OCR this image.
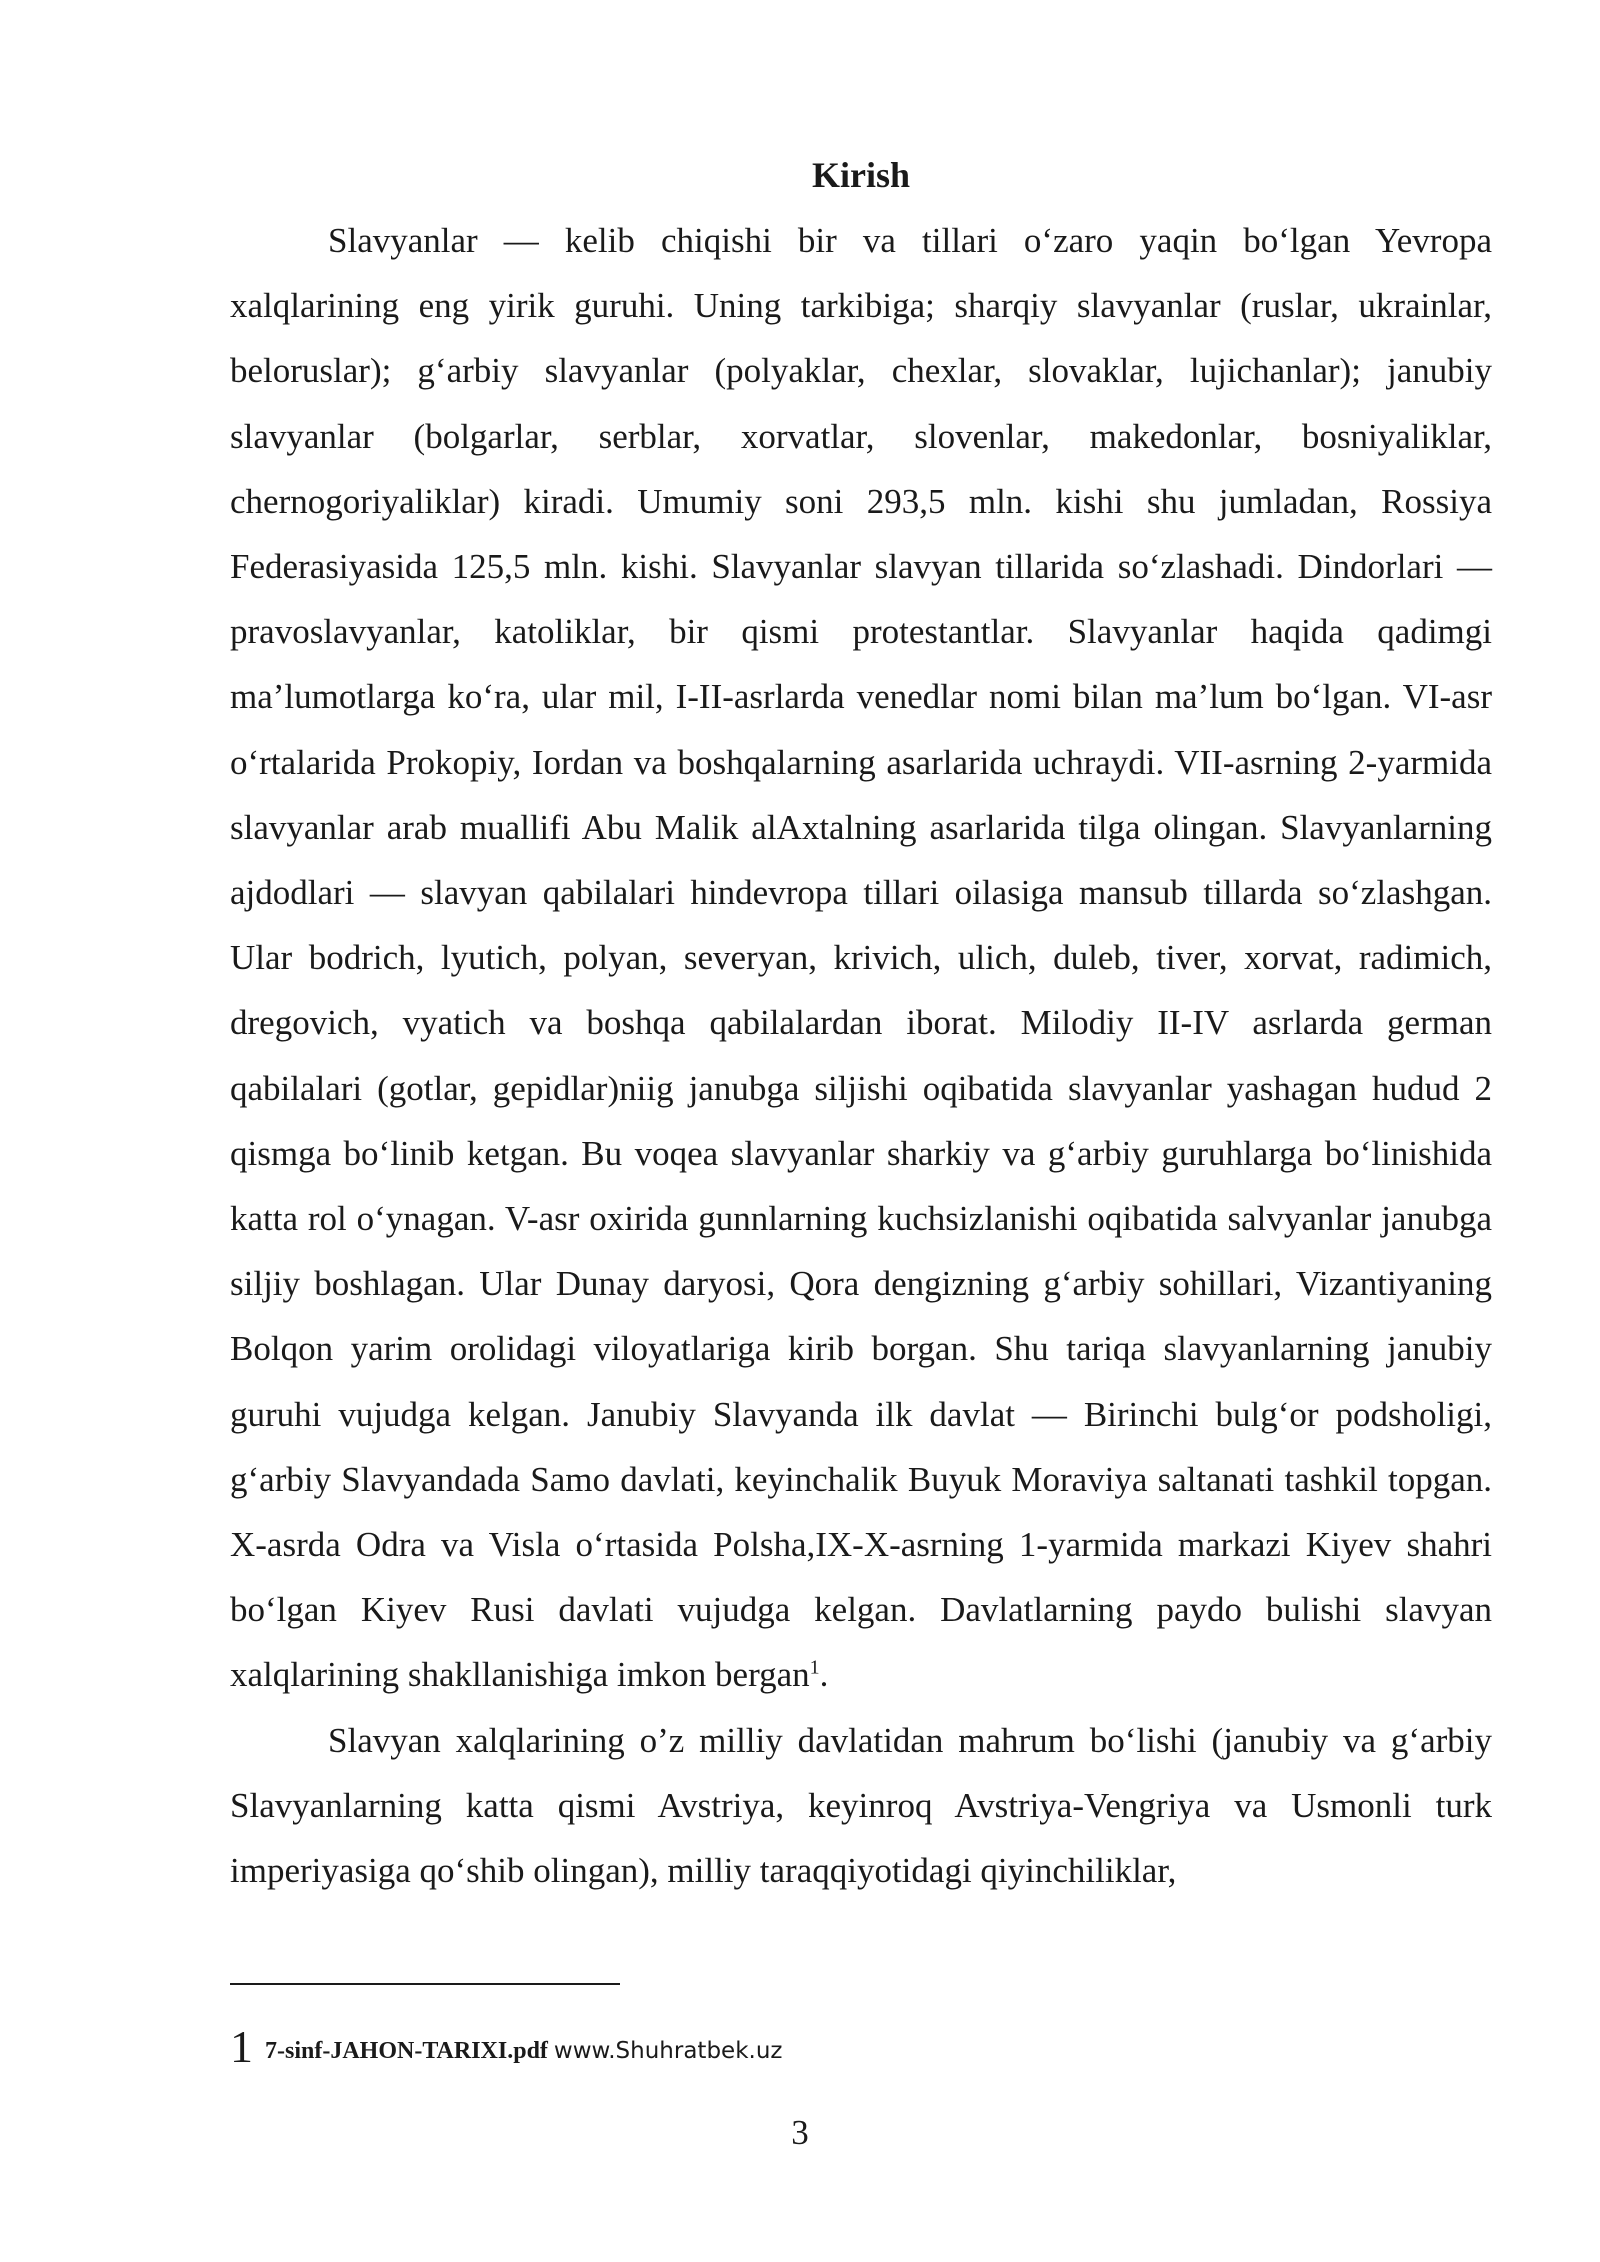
Kirish

Slavyanlar — kelib chiqishi bir va tillari o‘zaro yaqin bo‘lgan Yevropa xalqlarining eng yirik guruhi. Uning tarkibiga; sharqiy slavyanlar (ruslar, ukrainlar, beloruslar); g‘arbiy slavyanlar (polyaklar, chexlar, slovaklar, lujichanlar); janubiy slavyanlar (bolgarlar, serblar, xorvatlar, slovenlar, makedonlar, bosniyaliklar, chernogoriyaliklar) kiradi. Umumiy soni 293,5 mln. kishi shu jumladan, Rossiya Federasiyasida 125,5 mln. kishi. Slavyanlar slavyan tillarida so‘zlashadi. Dindorlari — pravoslavyanlar, katoliklar, bir qismi protestantlar. Slavyanlar haqida qadimgi ma’lumotlarga ko‘ra, ular mil, I-II-asrlarda venedlar nomi bilan ma’lum bo‘lgan. VI-asr o‘rtalarida Prokopiy, Iordan va boshqalarning asarlarida uchraydi. VII-asrning 2-yarmida slavyanlar arab muallifi Abu Malik alAxtalning asarlarida tilga olingan. Slavyanlarning ajdodlari — slavyan qabilalari hindevropa tillari oilasiga mansub tillarda so‘zlashgan. Ular bodrich, lyutich, polyan, severyan, krivich, ulich, duleb, tiver, xorvat, radimich, dregovich, vyatich va boshqa qabilalardan iborat. Milodiy II-IV asrlarda german qabilalari (gotlar, gepidlar)niig janubga siljishi oqibatida slavyanlar yashagan hudud 2 qismga bo‘linib ketgan. Bu voqea slavyanlar sharkiy va g‘arbiy guruhlarga bo‘linishida katta rol o‘ynagan. V-asr oxirida gunnlarning kuchsizlanishi oqibatida salvyanlar janubga siljiy boshlagan. Ular Dunay daryosi, Qora dengizning g‘arbiy sohillari, Vizantiyaning Bolqon yarim orolidagi viloyatlariga kirib borgan. Shu tariqa slavyanlarning janubiy guruhi vujudga kelgan. Janubiy Slavyanda ilk davlat — Birinchi bulg‘or podsholigi, g‘arbiy Slavyandada Samo davlati, keyinchalik Buyuk Moraviya saltanati tashkil topgan. X-asrda Odra va Visla o‘rtasida Polsha,IX-X-asrning 1-yarmida markazi Kiyev shahri bo‘lgan Kiyev Rusi davlati vujudga kelgan. Davlatlarning paydo bulishi slavyan xalqlarining shakllanishiga imkon bergan$^1$.

Slavyan xalqlarining o’z milliy davlatidan mahrum bo‘lishi (janubiy va g‘arbiy Slavyanlarning katta qismi Avstriya, keyinroq Avstriya-Vengriya va Usmonli turk imperiyasiga qo‘shib olingan), milliy taraqqiyotidagi qiyinchiliklar,

1 7-sinf-JAHON-TARIXI.pdf www.Shuhratbek.uz
3
